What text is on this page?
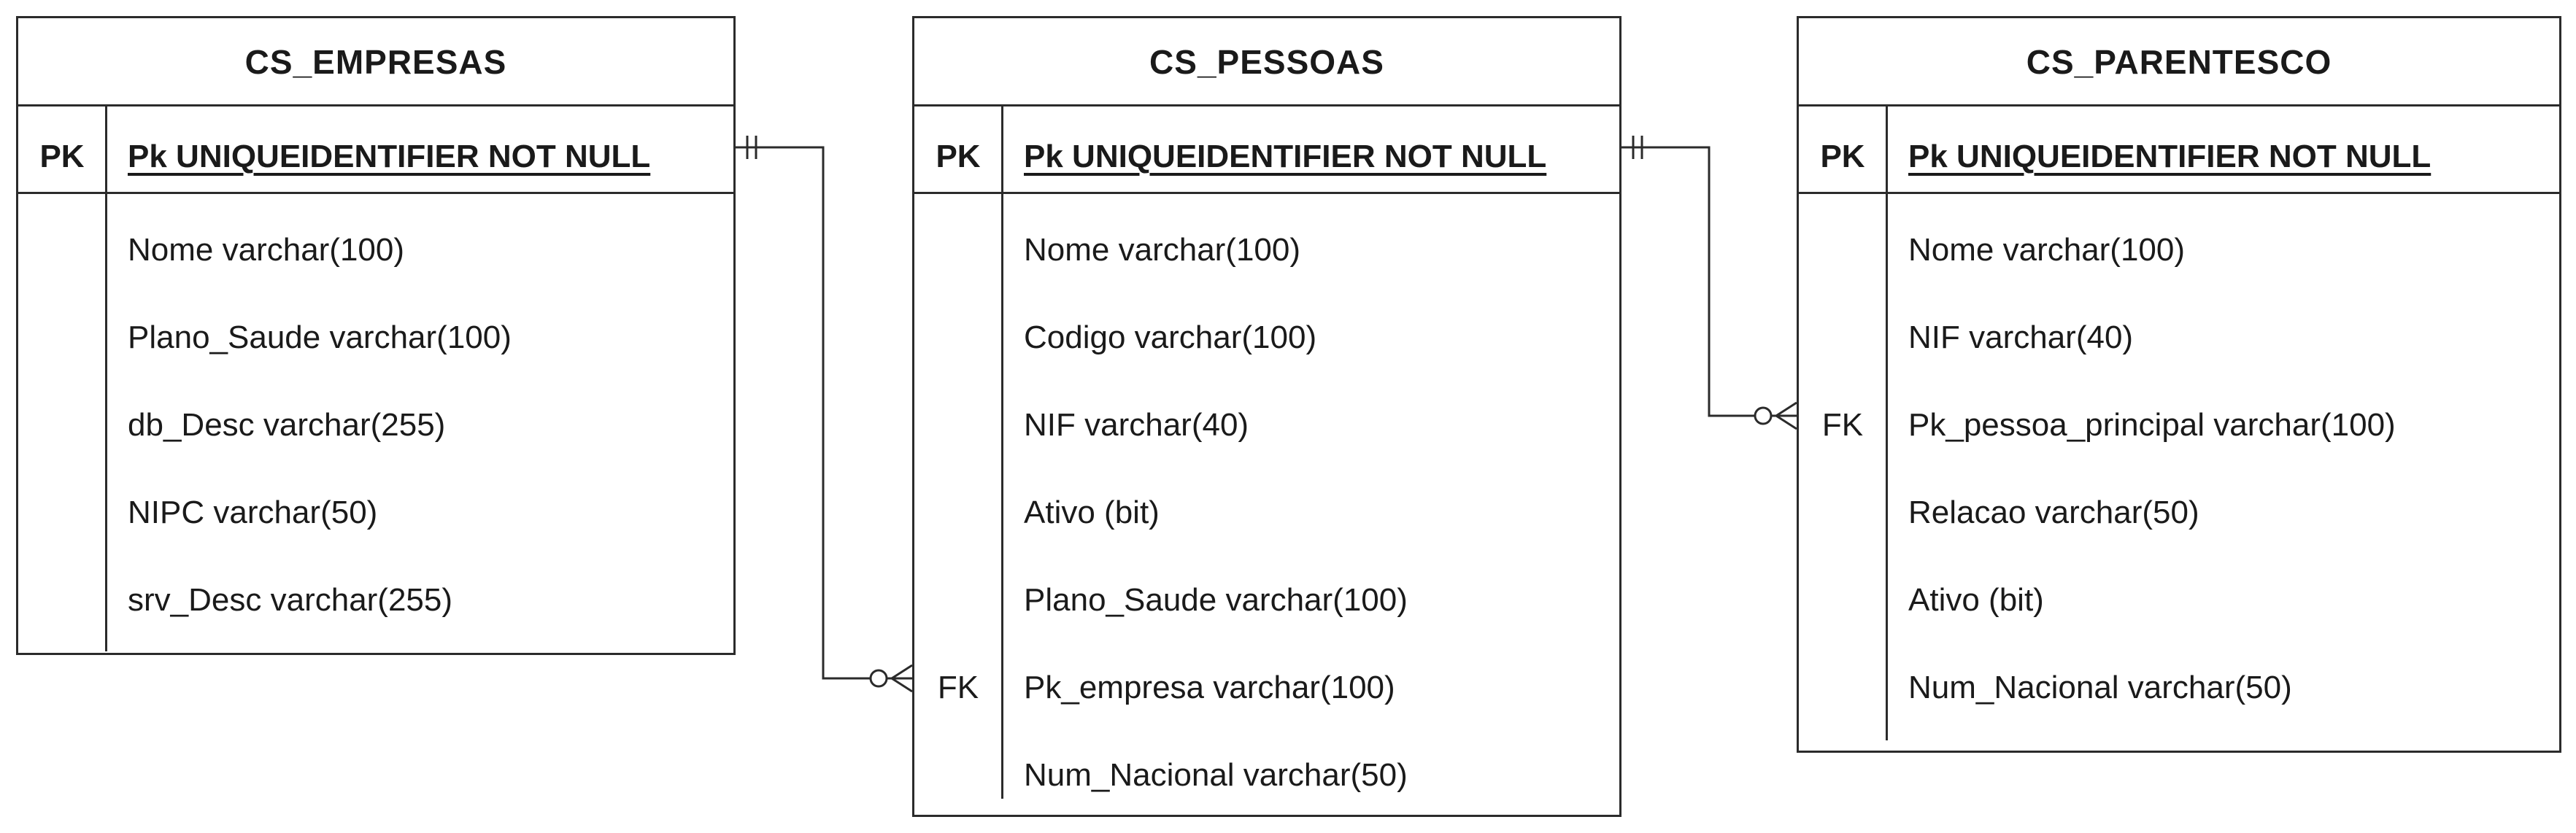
CS_EMPRESAS
PK	Pk UNIQUEIDENTIFIER NOT NULL
Nome varchar(100)
Plano_Saude varchar(100)
db_Desc varchar(255)
NIPC varchar(50)
srv_Desc varchar(255)
CS_PESSOAS
PK	Pk UNIQUEIDENTIFIER NOT NULL
Nome varchar(100)
Codigo varchar(100)
NIF varchar(40)
Ativo (bit)
Plano_Saude varchar(100)
FK	Pk_empresa varchar(100)
Num_Nacional varchar(50)
CS_PARENTESCO
PK	Pk UNIQUEIDENTIFIER NOT NULL
Nome varchar(100)
NIF varchar(40)
FK	Pk_pessoa_principal varchar(100)
Relacao varchar(50)
Ativo (bit)
Num_Nacional varchar(50)
